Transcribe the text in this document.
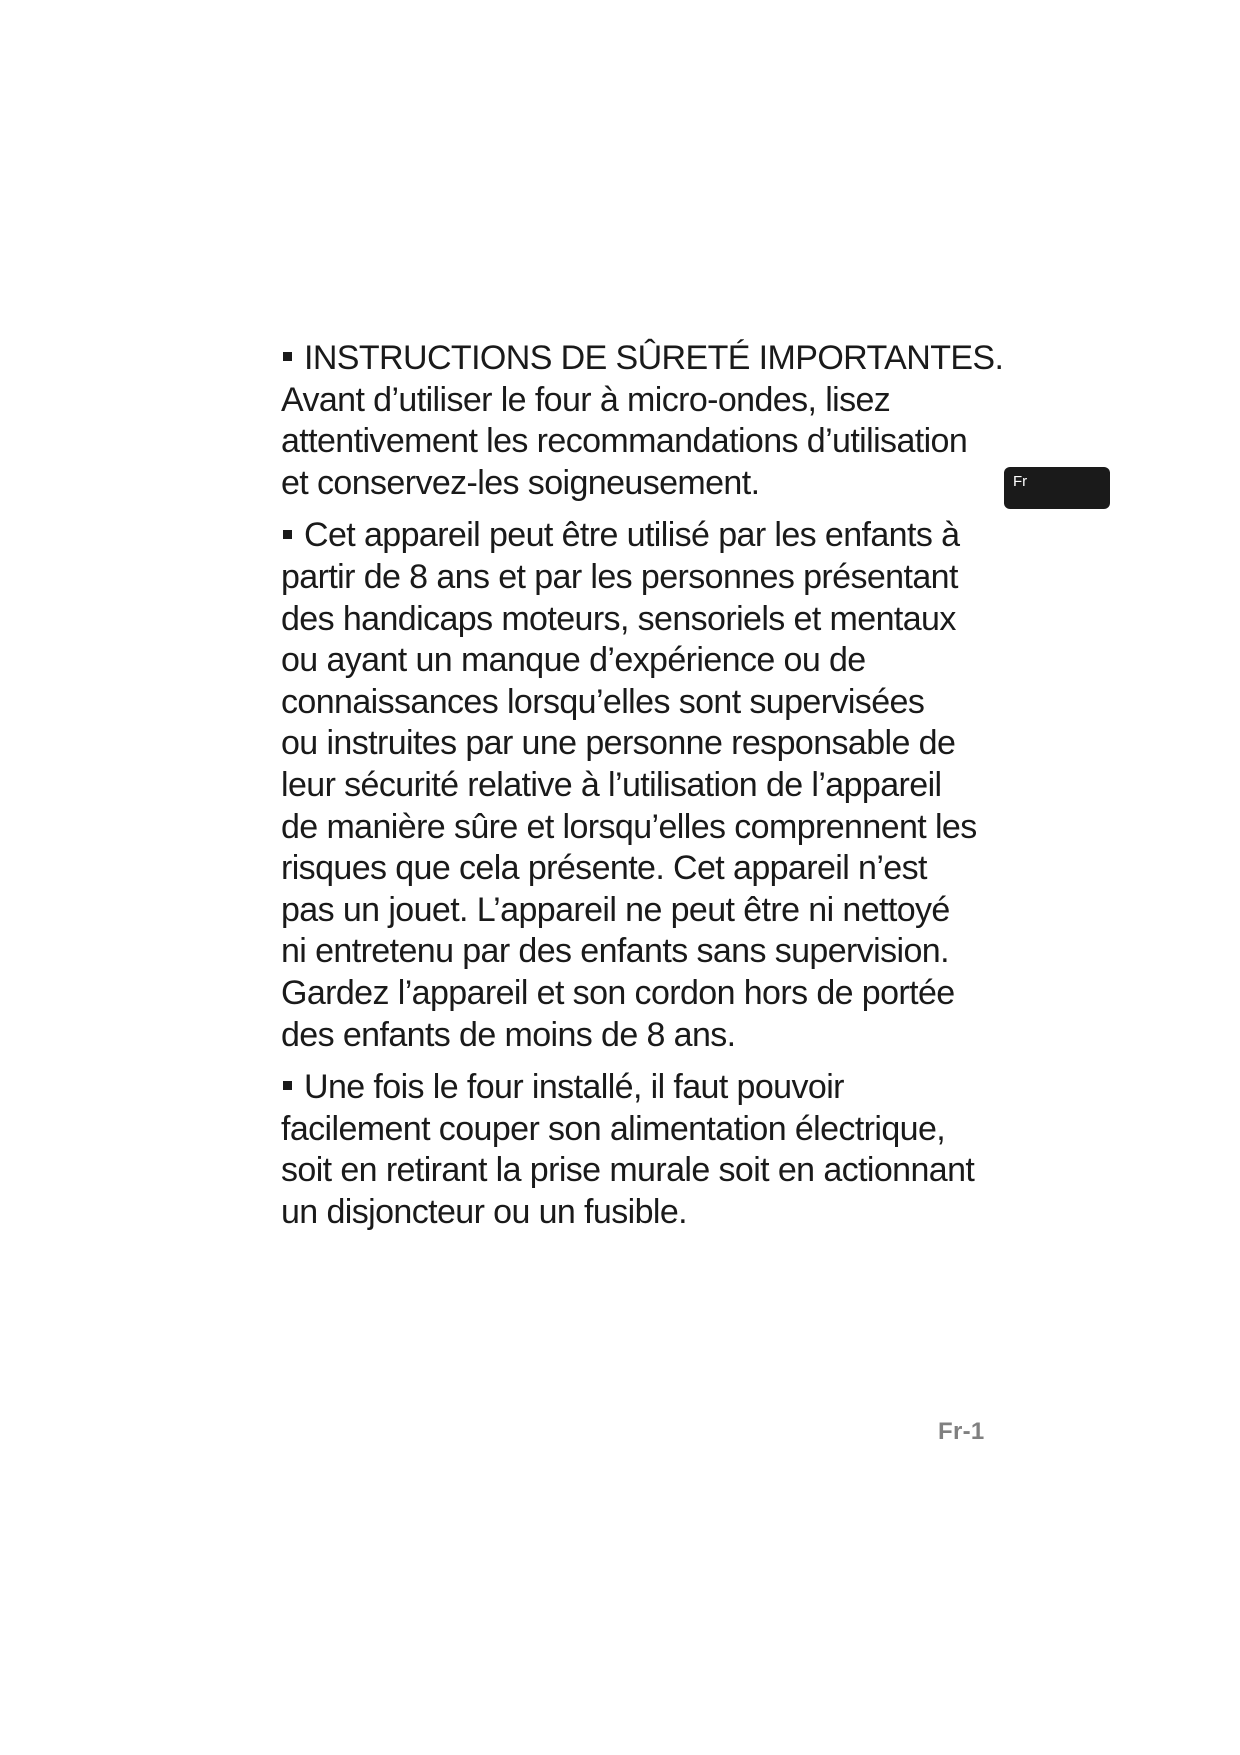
INSTRUCTIONS DE SÛRETÉ IMPORTANTES.
Avant d’utiliser le four à micro-ondes, lisez
attentivement les recommandations d’utilisation
et conservez-les soigneusement.

Cet appareil peut être utilisé par les enfants à
partir de 8 ans et par les personnes présentant
des handicaps moteurs, sensoriels et mentaux
ou ayant un manque d’expérience ou de
connaissances lorsqu’elles sont supervisées
ou instruites par une personne responsable de
leur sécurité relative à l’utilisation de l’appareil
de manière sûre et lorsqu’elles comprennent les
risques que cela présente. Cet appareil n’est
pas un jouet. L’appareil ne peut être ni nettoyé
ni entretenu par des enfants sans supervision.
Gardez l’appareil et son cordon hors de portée
des enfants de moins de 8 ans.

Une fois le four installé, il faut pouvoir
facilement couper son alimentation électrique,
soit en retirant la prise murale soit en actionnant
un disjoncteur ou un fusible.

Fr
Fr-1
